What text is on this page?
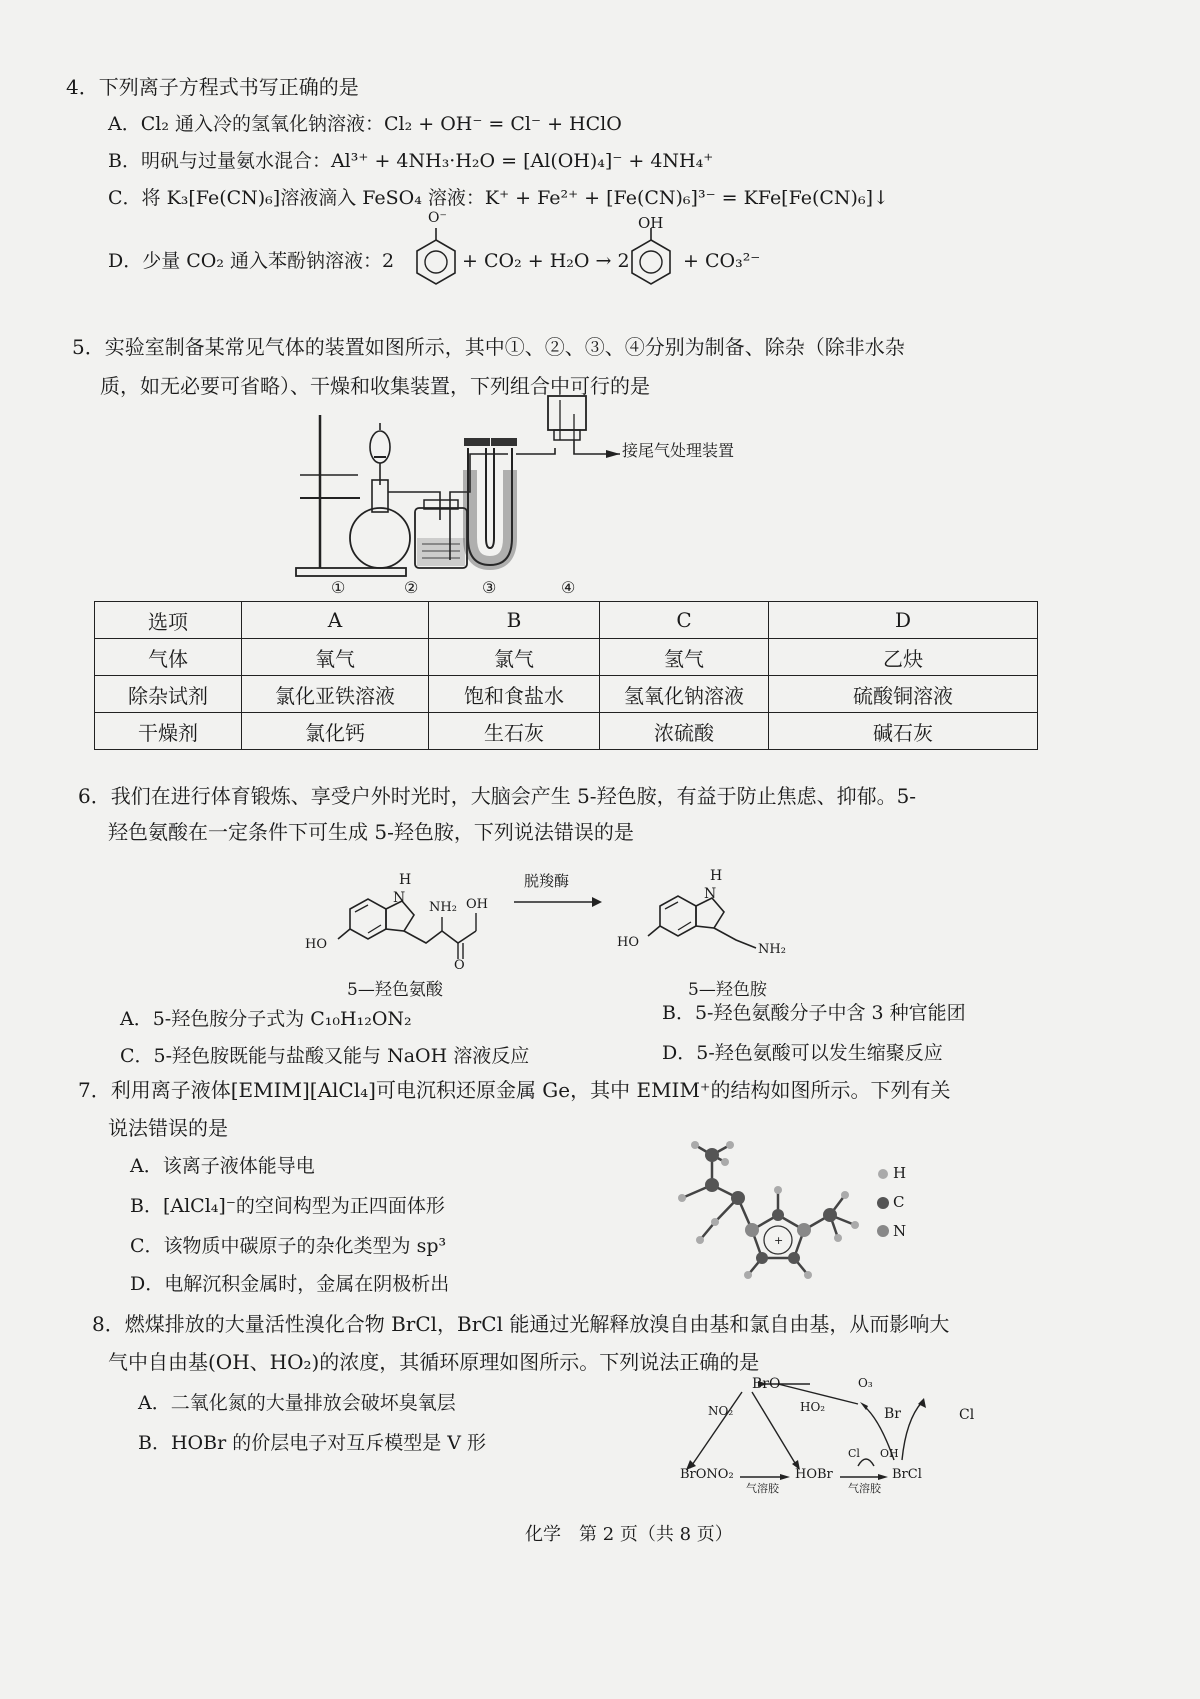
4．下列离子方程式书写正确的是
A．Cl₂ 通入冷的氢氧化钠溶液：Cl₂ + OH⁻ = Cl⁻ + HClO
B．明矾与过量氨水混合：Al³⁺ + 4NH₃·H₂O = [Al(OH)₄]⁻ + 4NH₄⁺
C．将 K₃[Fe(CN)₆]溶液滴入 FeSO₄ 溶液：K⁺ + Fe²⁺ + [Fe(CN)₆]³⁻ = KFe[Fe(CN)₆]↓
D．少量 CO₂ 通入苯酚钠溶液：2	+ CO₂ + H₂O → 2	+ CO₃²⁻
O⁻	OH
5．实验室制备某常见气体的装置如图所示，其中①、②、③、④分别为制备、除杂（除非水杂
质，如无必要可省略）、干燥和收集装置，下列组合中可行的是
接尾气处理装置
①	②	③	④
选项	A	B	C	D
气体	氧气	氯气	氢气	乙炔
除杂试剂	氯化亚铁溶液	饱和食盐水	氢氧化钠溶液	硫酸铜溶液
干燥剂	氯化钙	生石灰	浓硫酸	碱石灰
6．我们在进行体育锻炼、享受户外时光时，大脑会产生 5-羟色胺，有益于防止焦虑、抑郁。5-
羟色氨酸在一定条件下可生成 5-羟色胺，下列说法错误的是
H
N
HO
NH₂ OH
O
脱羧酶	H
N
HO	NH₂
5—羟色氨酸	5—羟色胺
A．5-羟色胺分子式为 C₁₀H₁₂ON₂	B．5-羟色氨酸分子中含 3 种官能团
C．5-羟色胺既能与盐酸又能与 NaOH 溶液反应	D．5-羟色氨酸可以发生缩聚反应
7．利用离子液体[EMIM][AlCl₄]可电沉积还原金属 Ge，其中 EMIM⁺的结构如图所示。下列有关
说法错误的是
A．该离子液体能导电
B．[AlCl₄]⁻的空间构型为正四面体形
C．该物质中碳原子的杂化类型为 sp³
D．电解沉积金属时，金属在阴极析出
+
H
C
N
8．燃煤排放的大量活性溴化合物 BrCl，BrCl 能通过光解释放溴自由基和氯自由基，从而影响大
气中自由基(OH、HO₂)的浓度，其循环原理如图所示。下列说法正确的是
A．二氧化氮的大量排放会破坏臭氧层
B．HOBr 的价层电子对互斥模型是 V 形
BrO	O₃
Br	Cl
NO₂	HO₂
BrONO₂	HOBr	BrCl
Cl OH
气溶胶	气溶胶
化学　第 2 页（共 8 页）
